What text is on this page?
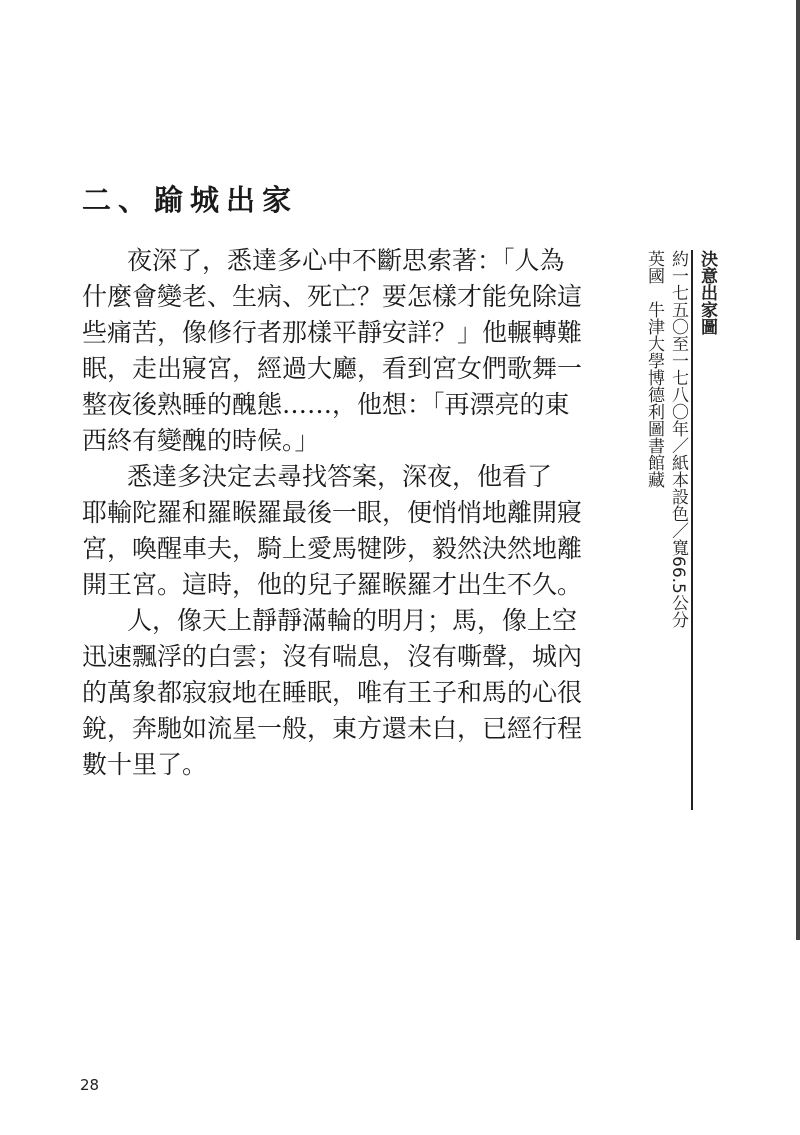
二、踰城出家

夜深了，悉達多心中不斷思索著：「人為
什麼會變老、生病、死亡？要怎樣才能免除這
些痛苦，像修行者那樣平靜安詳？」他輾轉難
眠，走出寢宮，經過大廳，看到宮女們歌舞一
整夜後熟睡的醜態……，他想：「再漂亮的東
西終有變醜的時候。」

悉達多決定去尋找答案，深夜，他看了
耶輸陀羅和羅睺羅最後一眼，便悄悄地離開寢
宮，喚醒車夫，騎上愛馬犍陟，毅然決然地離
開王宮。這時，他的兒子羅睺羅才出生不久。

人，像天上靜靜滿輪的明月；馬，像上空
迅速飄浮的白雲；沒有喘息，沒有嘶聲，城內
的萬象都寂寂地在睡眠，唯有王子和馬的心很
銳，奔馳如流星一般，東方還未白，已經行程
數十里了。

決意出家圖
約一七五〇至一七八〇年／紙本設色／寬66.5公分
英國　牛津大學博德利圖書館藏
28
